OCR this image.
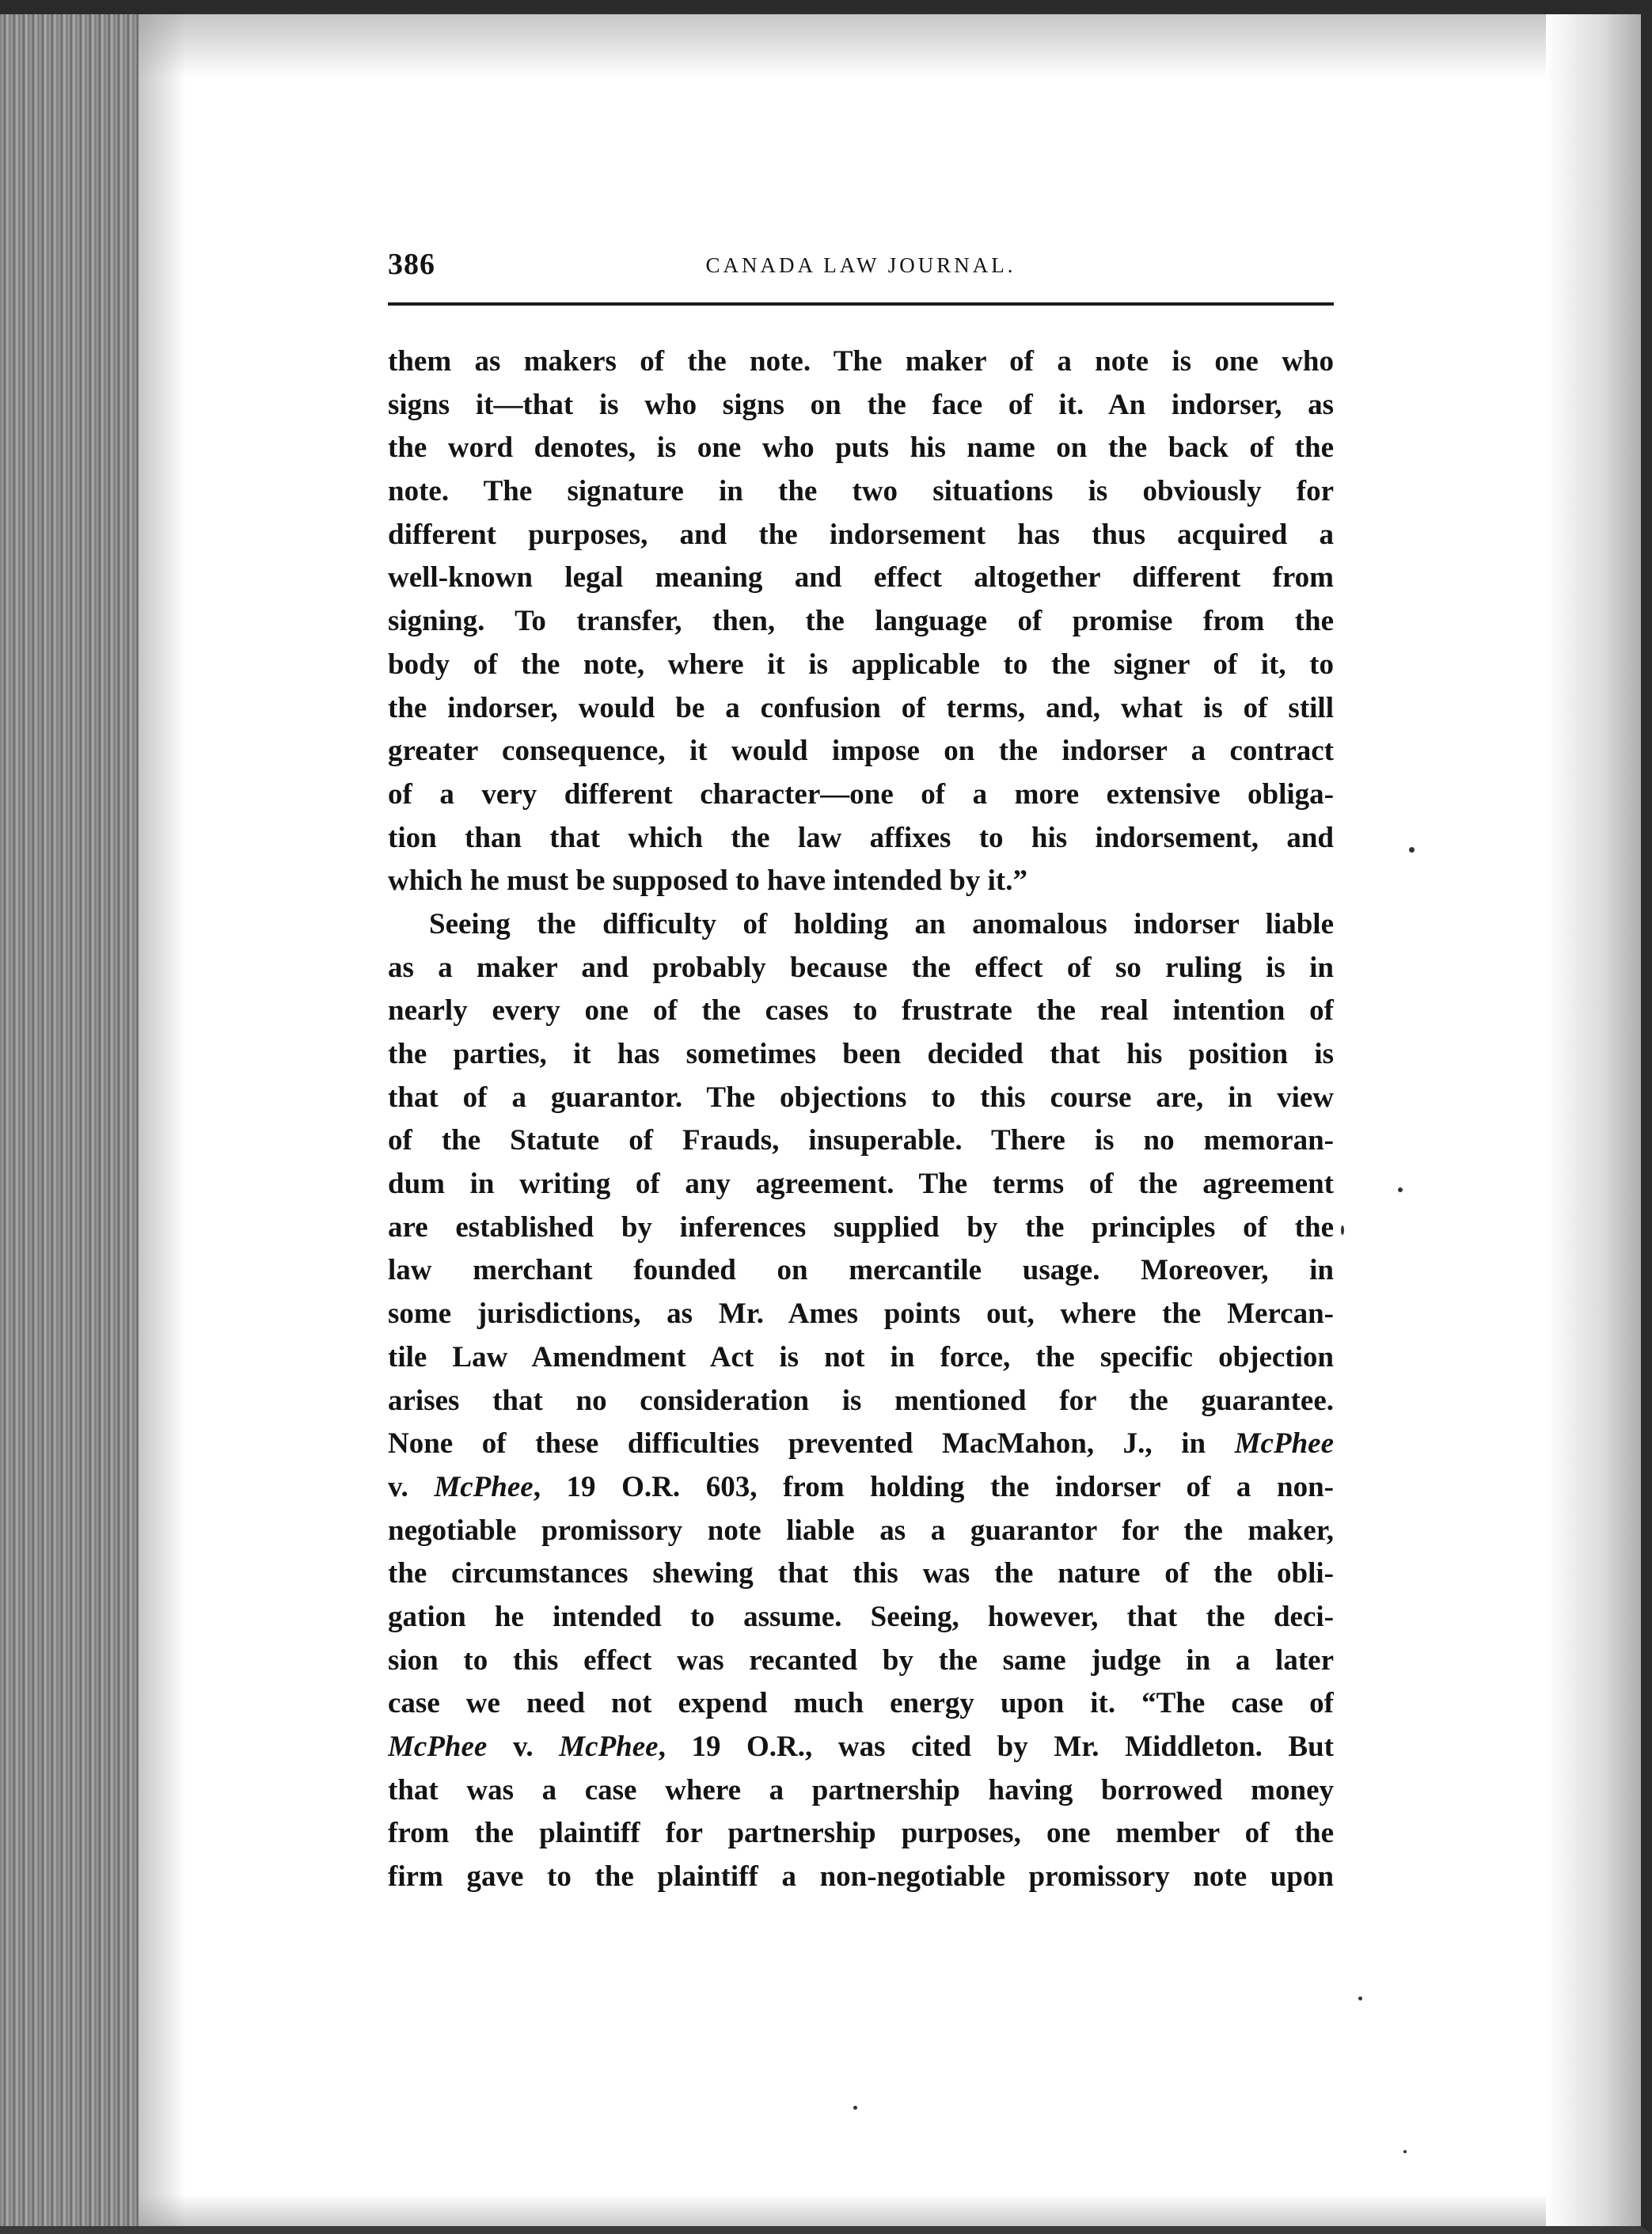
386	CANADA LAW JOURNAL.
them as makers of the note. The maker of a note is one who
signs it—that is who signs on the face of it. An indorser, as
the word denotes, is one who puts his name on the back of the
note. The signature in the two situations is obviously for
different purposes, and the indorsement has thus acquired a
well-known legal meaning and effect altogether different from
signing. To transfer, then, the language of promise from the
body of the note, where it is applicable to the signer of it, to
the indorser, would be a confusion of terms, and, what is of still
greater consequence, it would impose on the indorser a contract
of a very different character—one of a more extensive obliga-
tion than that which the law affixes to his indorsement, and
which he must be supposed to have intended by it.”
Seeing the difficulty of holding an anomalous indorser liable
as a maker and probably because the effect of so ruling is in
nearly every one of the cases to frustrate the real intention of
the parties, it has sometimes been decided that his position is
that of a guarantor. The objections to this course are, in view
of the Statute of Frauds, insuperable. There is no memoran-
dum in writing of any agreement. The terms of the agreement
are established by inferences supplied by the principles of the
law merchant founded on mercantile usage. Moreover, in
some jurisdictions, as Mr. Ames points out, where the Mercan-
tile Law Amendment Act is not in force, the specific objection
arises that no consideration is mentioned for the guarantee.
None of these difficulties prevented MacMahon, J., in McPhee
v. McPhee, 19 O.R. 603, from holding the indorser of a non-
negotiable promissory note liable as a guarantor for the maker,
the circumstances shewing that this was the nature of the obli-
gation he intended to assume. Seeing, however, that the deci-
sion to this effect was recanted by the same judge in a later
case we need not expend much energy upon it. “The case of
McPhee v. McPhee, 19 O.R., was cited by Mr. Middleton. But
that was a case where a partnership having borrowed money
from the plaintiff for partnership purposes, one member of the
firm gave to the plaintiff a non-negotiable promissory note upon
